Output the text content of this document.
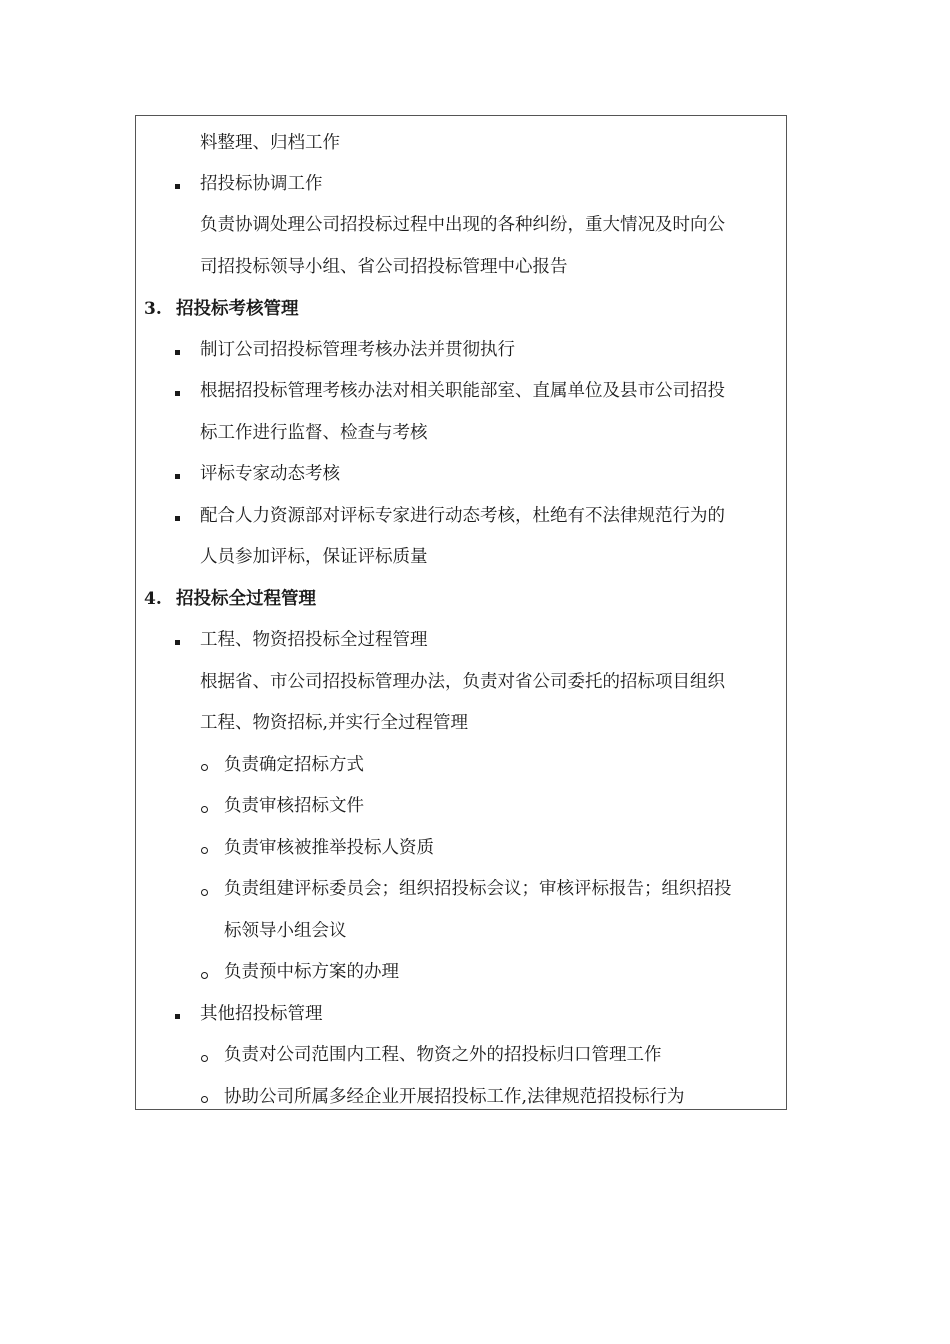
料整理、归档工作
招投标协调工作
负责协调处理公司招投标过程中出现的各种纠纷，重大情况及时向公
司招投标领导小组、省公司招投标管理中心报告
3. 招投标考核管理
制订公司招投标管理考核办法并贯彻执行
根据招投标管理考核办法对相关职能部室、直属单位及县市公司招投
标工作进行监督、检查与考核
评标专家动态考核
配合人力资源部对评标专家进行动态考核，杜绝有不法律规范行为的
人员参加评标，保证评标质量
4. 招投标全过程管理
工程、物资招投标全过程管理
根据省、市公司招投标管理办法，负责对省公司委托的招标项目组织
工程、物资招标,并实行全过程管理
负责确定招标方式
负责审核招标文件
负责审核被推举投标人资质
负责组建评标委员会；组织招投标会议；审核评标报告；组织招投
标领导小组会议
负责预中标方案的办理
其他招投标管理
负责对公司范围内工程、物资之外的招投标归口管理工作
协助公司所属多经企业开展招投标工作,法律规范招投标行为
